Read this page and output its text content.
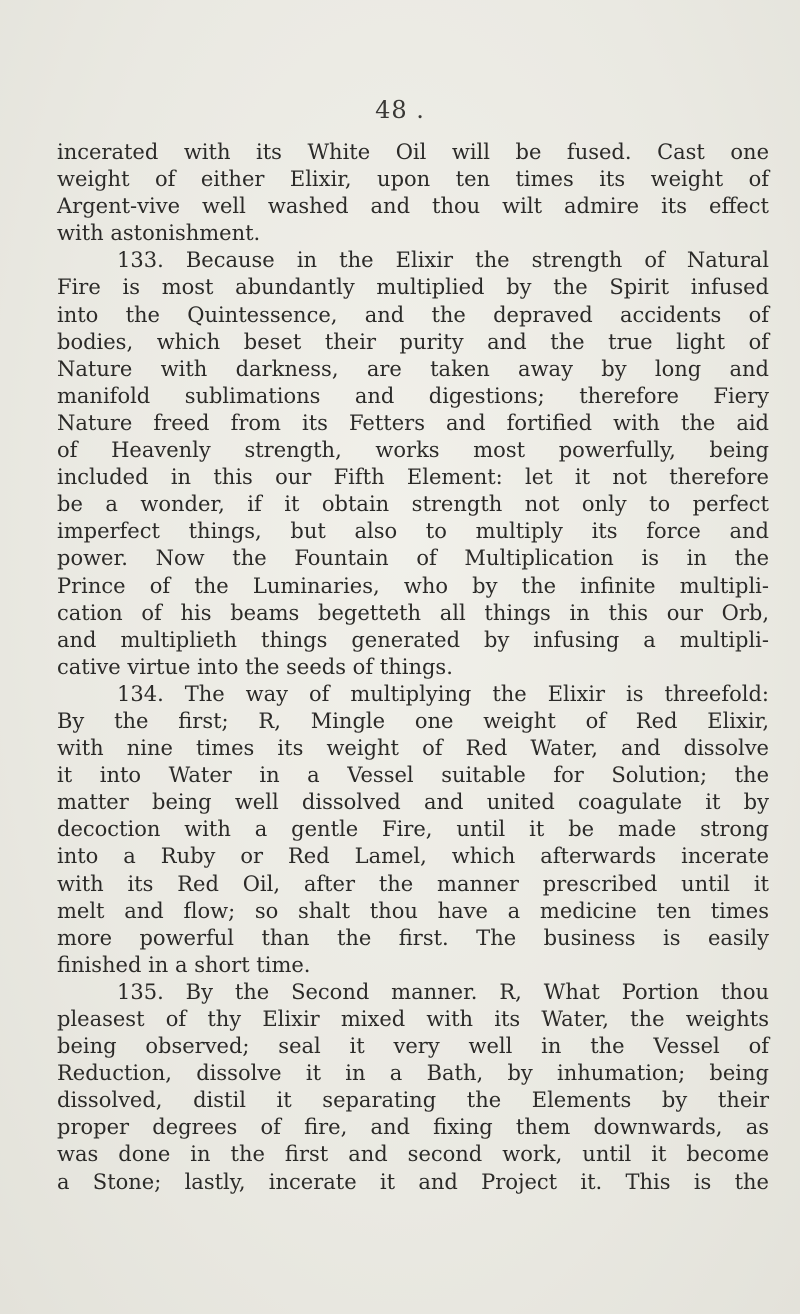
48 .
incerated with its White Oil will be fused. Cast one
weight of either Elixir, upon ten times its weight of
Argent-vive well washed and thou wilt admire its effect
with astonishment.
133. Because in the Elixir the strength of Natural
Fire is most abundantly multiplied by the Spirit infused
into the Quintessence, and the depraved accidents of
bodies, which beset their purity and the true light of
Nature with darkness, are taken away by long and
manifold sublimations and digestions; therefore Fiery
Nature freed from its Fetters and fortified with the aid
of Heavenly strength, works most powerfully, being
included in this our Fifth Element: let it not therefore
be a wonder, if it obtain strength not only to perfect
imperfect things, but also to multiply its force and
power. Now the Fountain of Multiplication is in the
Prince of the Luminaries, who by the infinite multipli-
cation of his beams begetteth all things in this our Orb,
and multiplieth things generated by infusing a multipli-
cative virtue into the seeds of things.
134. The way of multiplying the Elixir is threefold:
By the first; R, Mingle one weight of Red Elixir,
with nine times its weight of Red Water, and dissolve
it into Water in a Vessel suitable for Solution; the
matter being well dissolved and united coagulate it by
decoction with a gentle Fire, until it be made strong
into a Ruby or Red Lamel, which afterwards incerate
with its Red Oil, after the manner prescribed until it
melt and flow; so shalt thou have a medicine ten times
more powerful than the first. The business is easily
finished in a short time.
135. By the Second manner. R, What Portion thou
pleasest of thy Elixir mixed with its Water, the weights
being observed; seal it very well in the Vessel of
Reduction, dissolve it in a Bath, by inhumation; being
dissolved, distil it separating the Elements by their
proper degrees of fire, and fixing them downwards, as
was done in the first and second work, until it become
a Stone; lastly, incerate it and Project it. This is the
